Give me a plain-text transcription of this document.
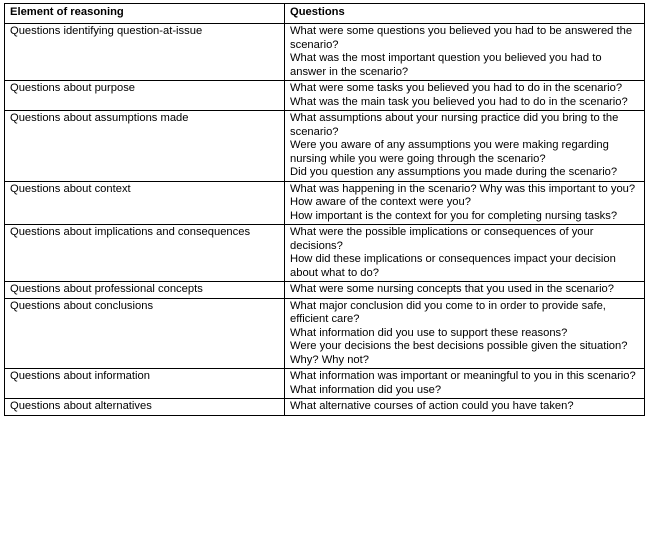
Element of reasoning	Questions
Questions identifying question-at-issue	What were some questions you believed you had to be answered the scenario?
What was the most important question you believed you had to answer in the scenario?

Questions about purpose	What were some tasks you believed you had to do in the scenario?
What was the main task you believed you had to do in the scenario?

Questions about assumptions made	What assumptions about your nursing practice did you bring to the scenario?
Were you aware of any assumptions you were making regarding nursing while you were going through the scenario?
Did you question any assumptions you made during the scenario?

Questions about context	What was happening in the scenario? Why was this important to you?
How aware of the context were you?
How important is the context for you for completing nursing tasks?

Questions about implications and consequences	What were the possible implications or consequences of your decisions?
How did these implications or consequences impact your decision about what to do?

Questions about professional concepts	What were some nursing concepts that you used in the scenario?

Questions about conclusions	What major conclusion did you come to in order to provide safe, efficient care?
What information did you use to support these reasons?
Were your decisions the best decisions possible given the situation? Why? Why not?

Questions about information	What information was important or meaningful to you in this scenario?
What information did you use?

Questions about alternatives	What alternative courses of action could you have taken?
